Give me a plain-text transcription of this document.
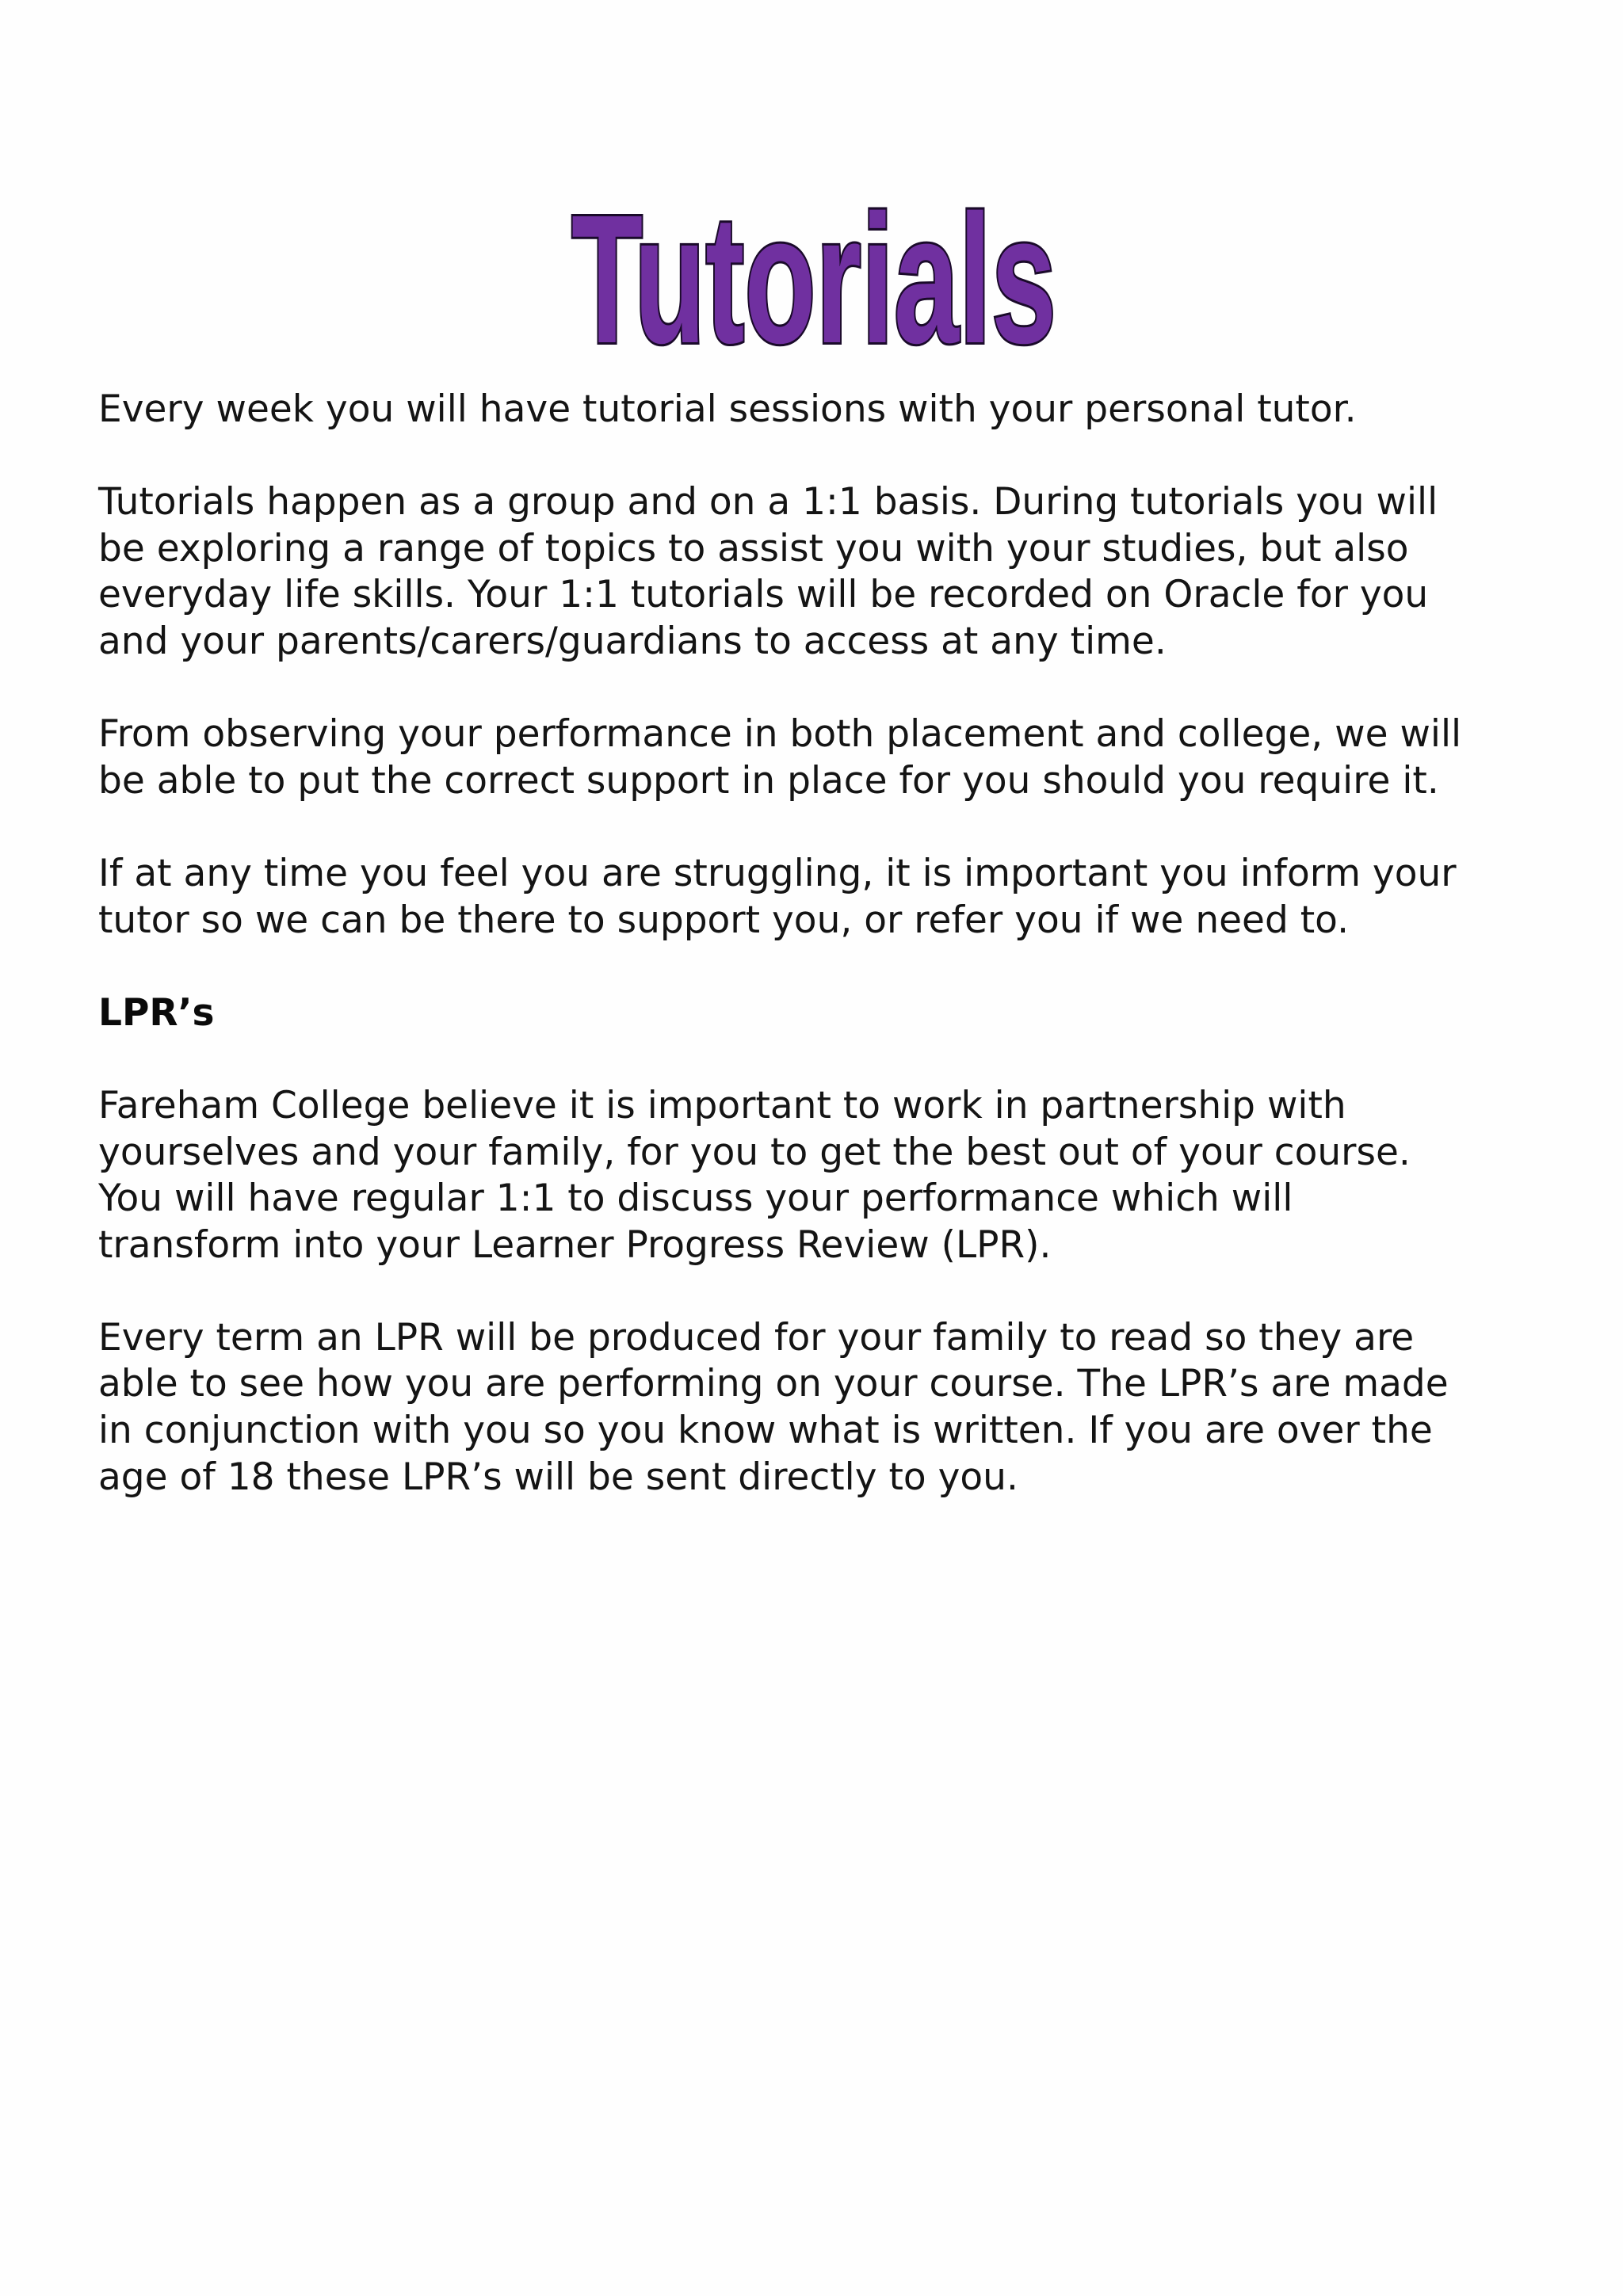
Tutorials

Every week you will have tutorial sessions with your personal tutor.

Tutorials happen as a group and on a 1:1 basis. During tutorials you will
be exploring a range of topics to assist you with your studies, but also
everyday life skills. Your 1:1 tutorials will be recorded on Oracle for you
and your parents/carers/guardians to access at any time.

From observing your performance in both placement and college, we will
be able to put the correct support in place for you should you require it.

If at any time you feel you are struggling, it is important you inform your
tutor so we can be there to support you, or refer you if we need to.

LPR’s

Fareham College believe it is important to work in partnership with
yourselves and your family, for you to get the best out of your course.
You will have regular 1:1 to discuss your performance which will
transform into your Learner Progress Review (LPR).

Every term an LPR will be produced for your family to read so they are
able to see how you are performing on your course. The LPR’s are made
in conjunction with you so you know what is written. If you are over the
age of 18 these LPR’s will be sent directly to you.
